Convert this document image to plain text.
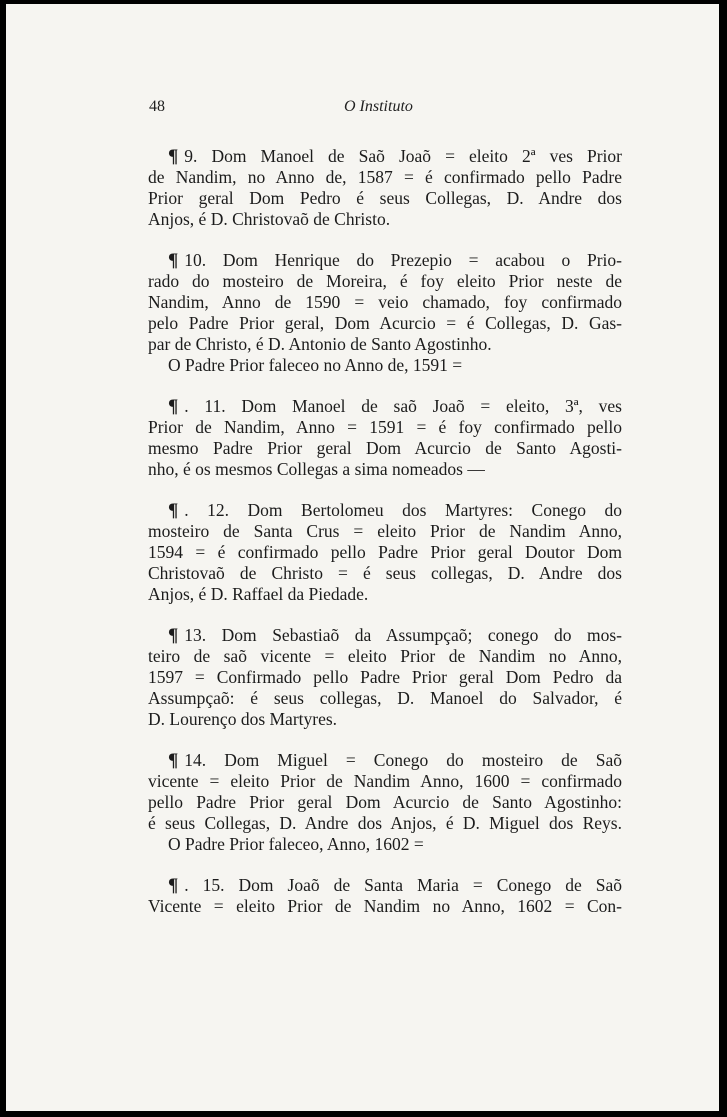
48	O Instituto
¶ 9. Dom Manoel de Saõ Joaõ = eleito 2ª ves Prior
de Nandim, no Anno de, 1587 = é confirmado pello Padre
Prior geral Dom Pedro é seus Collegas, D. Andre dos
Anjos, é D. Christovaõ de Christo.
¶ 10. Dom Henrique do Prezepio = acabou o Prio-
rado do mosteiro de Moreira, é foy eleito Prior neste de
Nandim, Anno de 1590 = veio chamado, foy confirmado
pelo Padre Prior geral, Dom Acurcio = é Collegas, D. Gas-
par de Christo, é D. Antonio de Santo Agostinho.
O Padre Prior faleceo no Anno de, 1591 =
¶ . 11. Dom Manoel de saõ Joaõ = eleito, 3ª, ves
Prior de Nandim, Anno = 1591 = é foy confirmado pello
mesmo Padre Prior geral Dom Acurcio de Santo Agosti-
nho, é os mesmos Collegas a sima nomeados —
¶ . 12. Dom Bertolomeu dos Martyres: Conego do
mosteiro de Santa Crus = eleito Prior de Nandim Anno,
1594 = é confirmado pello Padre Prior geral Doutor Dom
Christovaõ de Christo = é seus collegas, D. Andre dos
Anjos, é D. Raffael da Piedade.
¶ 13. Dom Sebastiaõ da Assumpçaõ; conego do mos-
teiro de saõ vicente = eleito Prior de Nandim no Anno,
1597 = Confirmado pello Padre Prior geral Dom Pedro da
Assumpçaõ: é seus collegas, D. Manoel do Salvador, é
D. Lourenço dos Martyres.
¶ 14. Dom Miguel = Conego do mosteiro de Saõ
vicente = eleito Prior de Nandim Anno, 1600 = confirmado
pello Padre Prior geral Dom Acurcio de Santo Agostinho:
é seus Collegas, D. Andre dos Anjos, é D. Miguel dos Reys.
O Padre Prior faleceo, Anno, 1602 =
¶ . 15. Dom Joaõ de Santa Maria = Conego de Saõ
Vicente = eleito Prior de Nandim no Anno, 1602 = Con-
